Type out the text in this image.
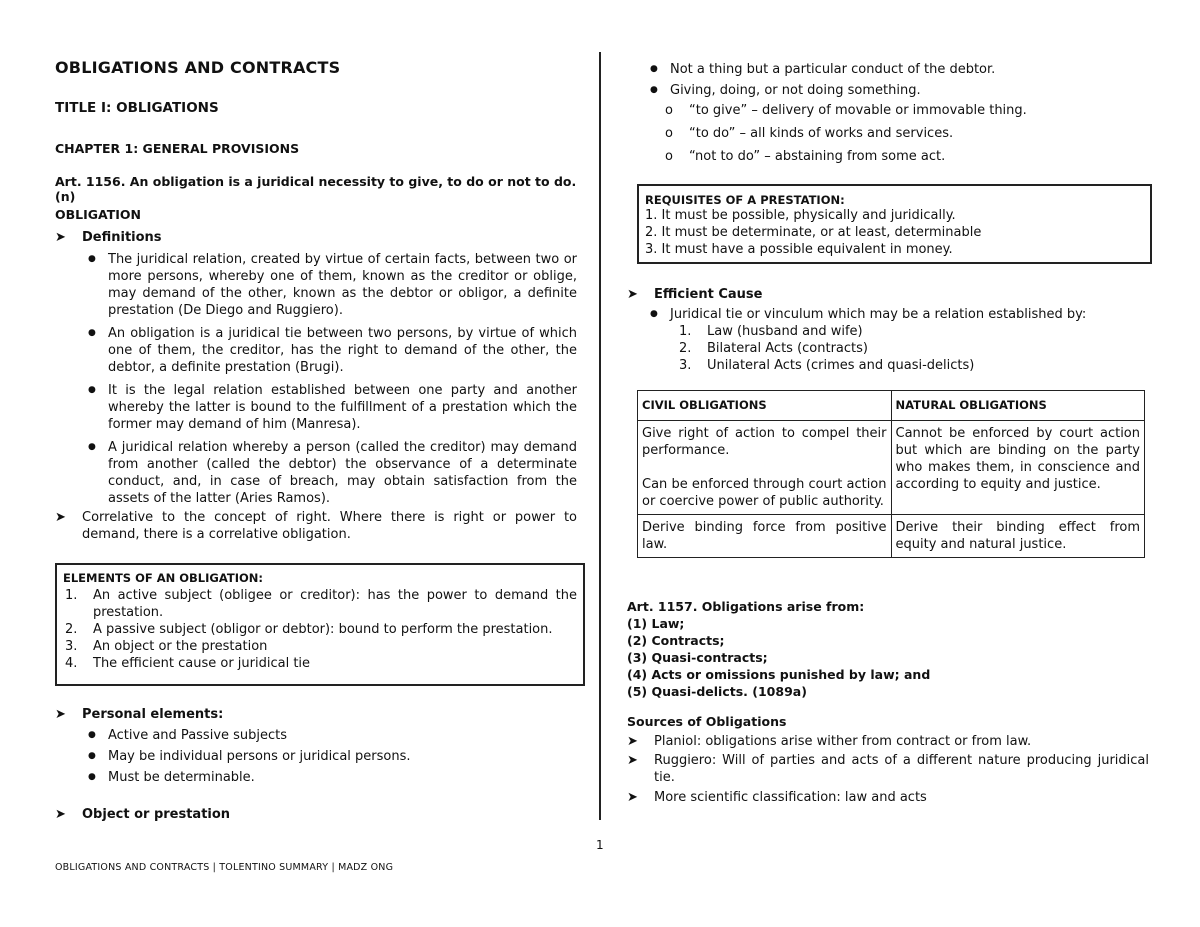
OBLIGATIONS AND CONTRACTS
TITLE I: OBLIGATIONS
CHAPTER 1: GENERAL PROVISIONS
Art. 1156. An obligation is a juridical necessity to give, to do or not to do. (n)
OBLIGATION
➤ Definitions
● The juridical relation, created by virtue of certain facts, between two or more persons, whereby one of them, known as the creditor or oblige, may demand of the other, known as the debtor or obligor, a definite prestation (De Diego and Ruggiero).
● An obligation is a juridical tie between two persons, by virtue of which one of them, the creditor, has the right to demand of the other, the debtor, a definite prestation (Brugi).
● It is the legal relation established between one party and another whereby the latter is bound to the fulfillment of a prestation which the former may demand of him (Manresa).
● A juridical relation whereby a person (called the creditor) may demand from another (called the debtor) the observance of a determinate conduct, and, in case of breach, may obtain satisfaction from the assets of the latter (Aries Ramos).
➤ Correlative to the concept of right. Where there is right or power to demand, there is a correlative obligation.
ELEMENTS OF AN OBLIGATION:
1. An active subject (obligee or creditor): has the power to demand the prestation.
2. A passive subject (obligor or debtor): bound to perform the prestation.
3. An object or the prestation
4. The efficient cause or juridical tie
➤ Personal elements:
● Active and Passive subjects
● May be individual persons or juridical persons.
● Must be determinable.
➤ Object or prestation
● Not a thing but a particular conduct of the debtor.
● Giving, doing, or not doing something.
o “to give” – delivery of movable or immovable thing.
o “to do” – all kinds of works and services.
o “not to do” – abstaining from some act.
REQUISITES OF A PRESTATION:
1. It must be possible, physically and juridically.
2. It must be determinate, or at least, determinable
3. It must have a possible equivalent in money.
➤ Efficient Cause
● Juridical tie or vinculum which may be a relation established by:
1. Law (husband and wife)
2. Bilateral Acts (contracts)
3. Unilateral Acts (crimes and quasi-delicts)
CIVIL OBLIGATIONS	NATURAL OBLIGATIONS

Give right of action to compel their performance.
Can be enforced through court action or coercive power of public authority.	Cannot be enforced by court action but which are binding on the party who makes them, in conscience and according to equity and justice.
Derive binding force from positive law.	Derive their binding effect from equity and natural justice.
Art. 1157. Obligations arise from:
(1) Law;
(2) Contracts;
(3) Quasi-contracts;
(4) Acts or omissions punished by law; and
(5) Quasi-delicts. (1089a)
Sources of Obligations
➤ Planiol: obligations arise wither from contract or from law.
➤ Ruggiero: Will of parties and acts of a different nature producing juridical tie.
➤ More scientific classification: law and acts
1
OBLIGATIONS AND CONTRACTS | TOLENTINO SUMMARY | MADZ ONG
